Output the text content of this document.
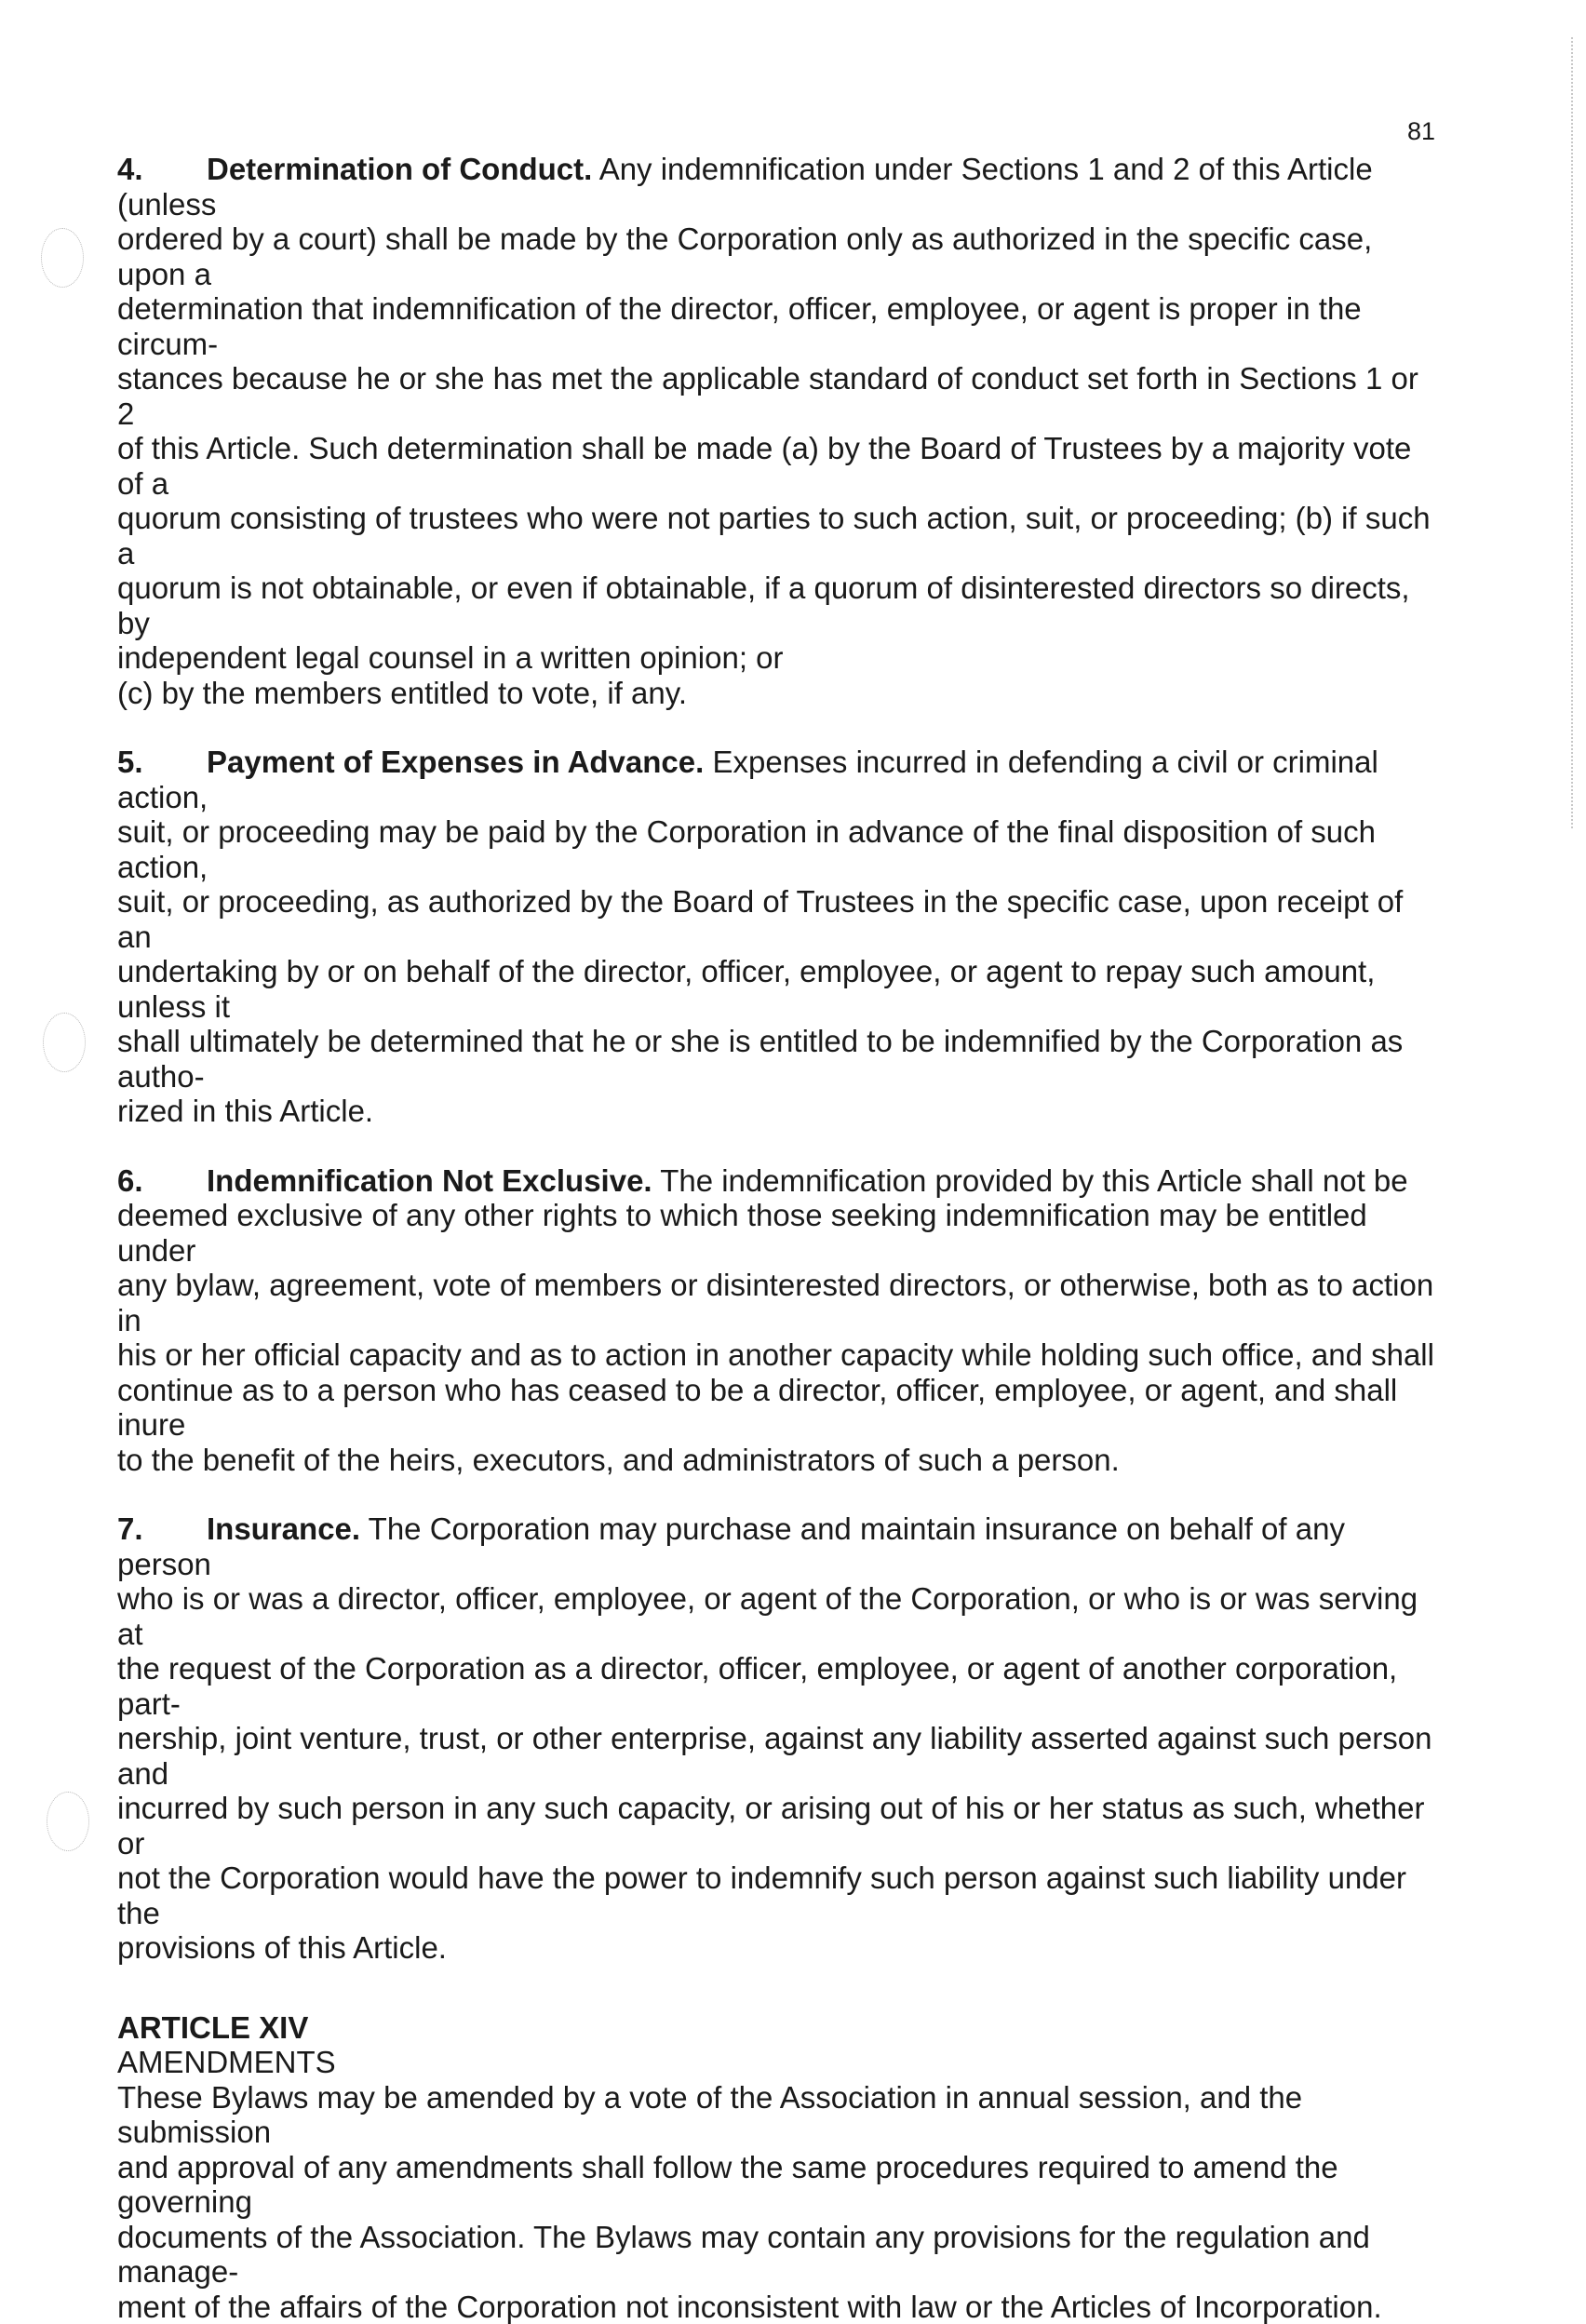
81

4. Determination of Conduct. Any indemnification under Sections 1 and 2 of this Article (unless

ordered by a court) shall be made by the Corporation only as authorized in the specific case, upon a

determination that indemnification of the director, officer, employee, or agent is proper in the circum-

stances because he or she has met the applicable standard of conduct set forth in Sections 1 or 2

of this Article. Such determination shall be made (a) by the Board of Trustees by a majority vote of a

quorum consisting of trustees who were not parties to such action, suit, or proceeding; (b) if such a

quorum is not obtainable, or even if obtainable, if a quorum of disinterested directors so directs, by

independent legal counsel in a written opinion; or

(c) by the members entitled to vote, if any.

5. Payment of Expenses in Advance. Expenses incurred in defending a civil or criminal action,

suit, or proceeding may be paid by the Corporation in advance of the final disposition of such action,

suit, or proceeding, as authorized by the Board of Trustees in the specific case, upon receipt of an

undertaking by or on behalf of the director, officer, employee, or agent to repay such amount, unless it

shall ultimately be determined that he or she is entitled to be indemnified by the Corporation as autho-

rized in this Article.

6. Indemnification Not Exclusive. The indemnification provided by this Article shall not be

deemed exclusive of any other rights to which those seeking indemnification may be entitled under

any bylaw, agreement, vote of members or disinterested directors, or otherwise, both as to action in

his or her official capacity and as to action in another capacity while holding such office, and shall

continue as to a person who has ceased to be a director, officer, employee, or agent, and shall inure

to the benefit of the heirs, executors, and administrators of such a person.

7. Insurance. The Corporation may purchase and maintain insurance on behalf of any person

who is or was a director, officer, employee, or agent of the Corporation, or who is or was serving at

the request of the Corporation as a director, officer, employee, or agent of another corporation, part-

nership, joint venture, trust, or other enterprise, against any liability asserted against such person and

incurred by such person in any such capacity, or arising out of his or her status as such, whether or

not the Corporation would have the power to indemnify such person against such liability under the

provisions of this Article.

ARTICLE XIV

AMENDMENTS

These Bylaws may be amended by a vote of the Association in annual session, and the submission

and approval of any amendments shall follow the same procedures required to amend the governing

documents of the Association. The Bylaws may contain any provisions for the regulation and manage-

ment of the affairs of the Corporation not inconsistent with law or the Articles of Incorporation.
